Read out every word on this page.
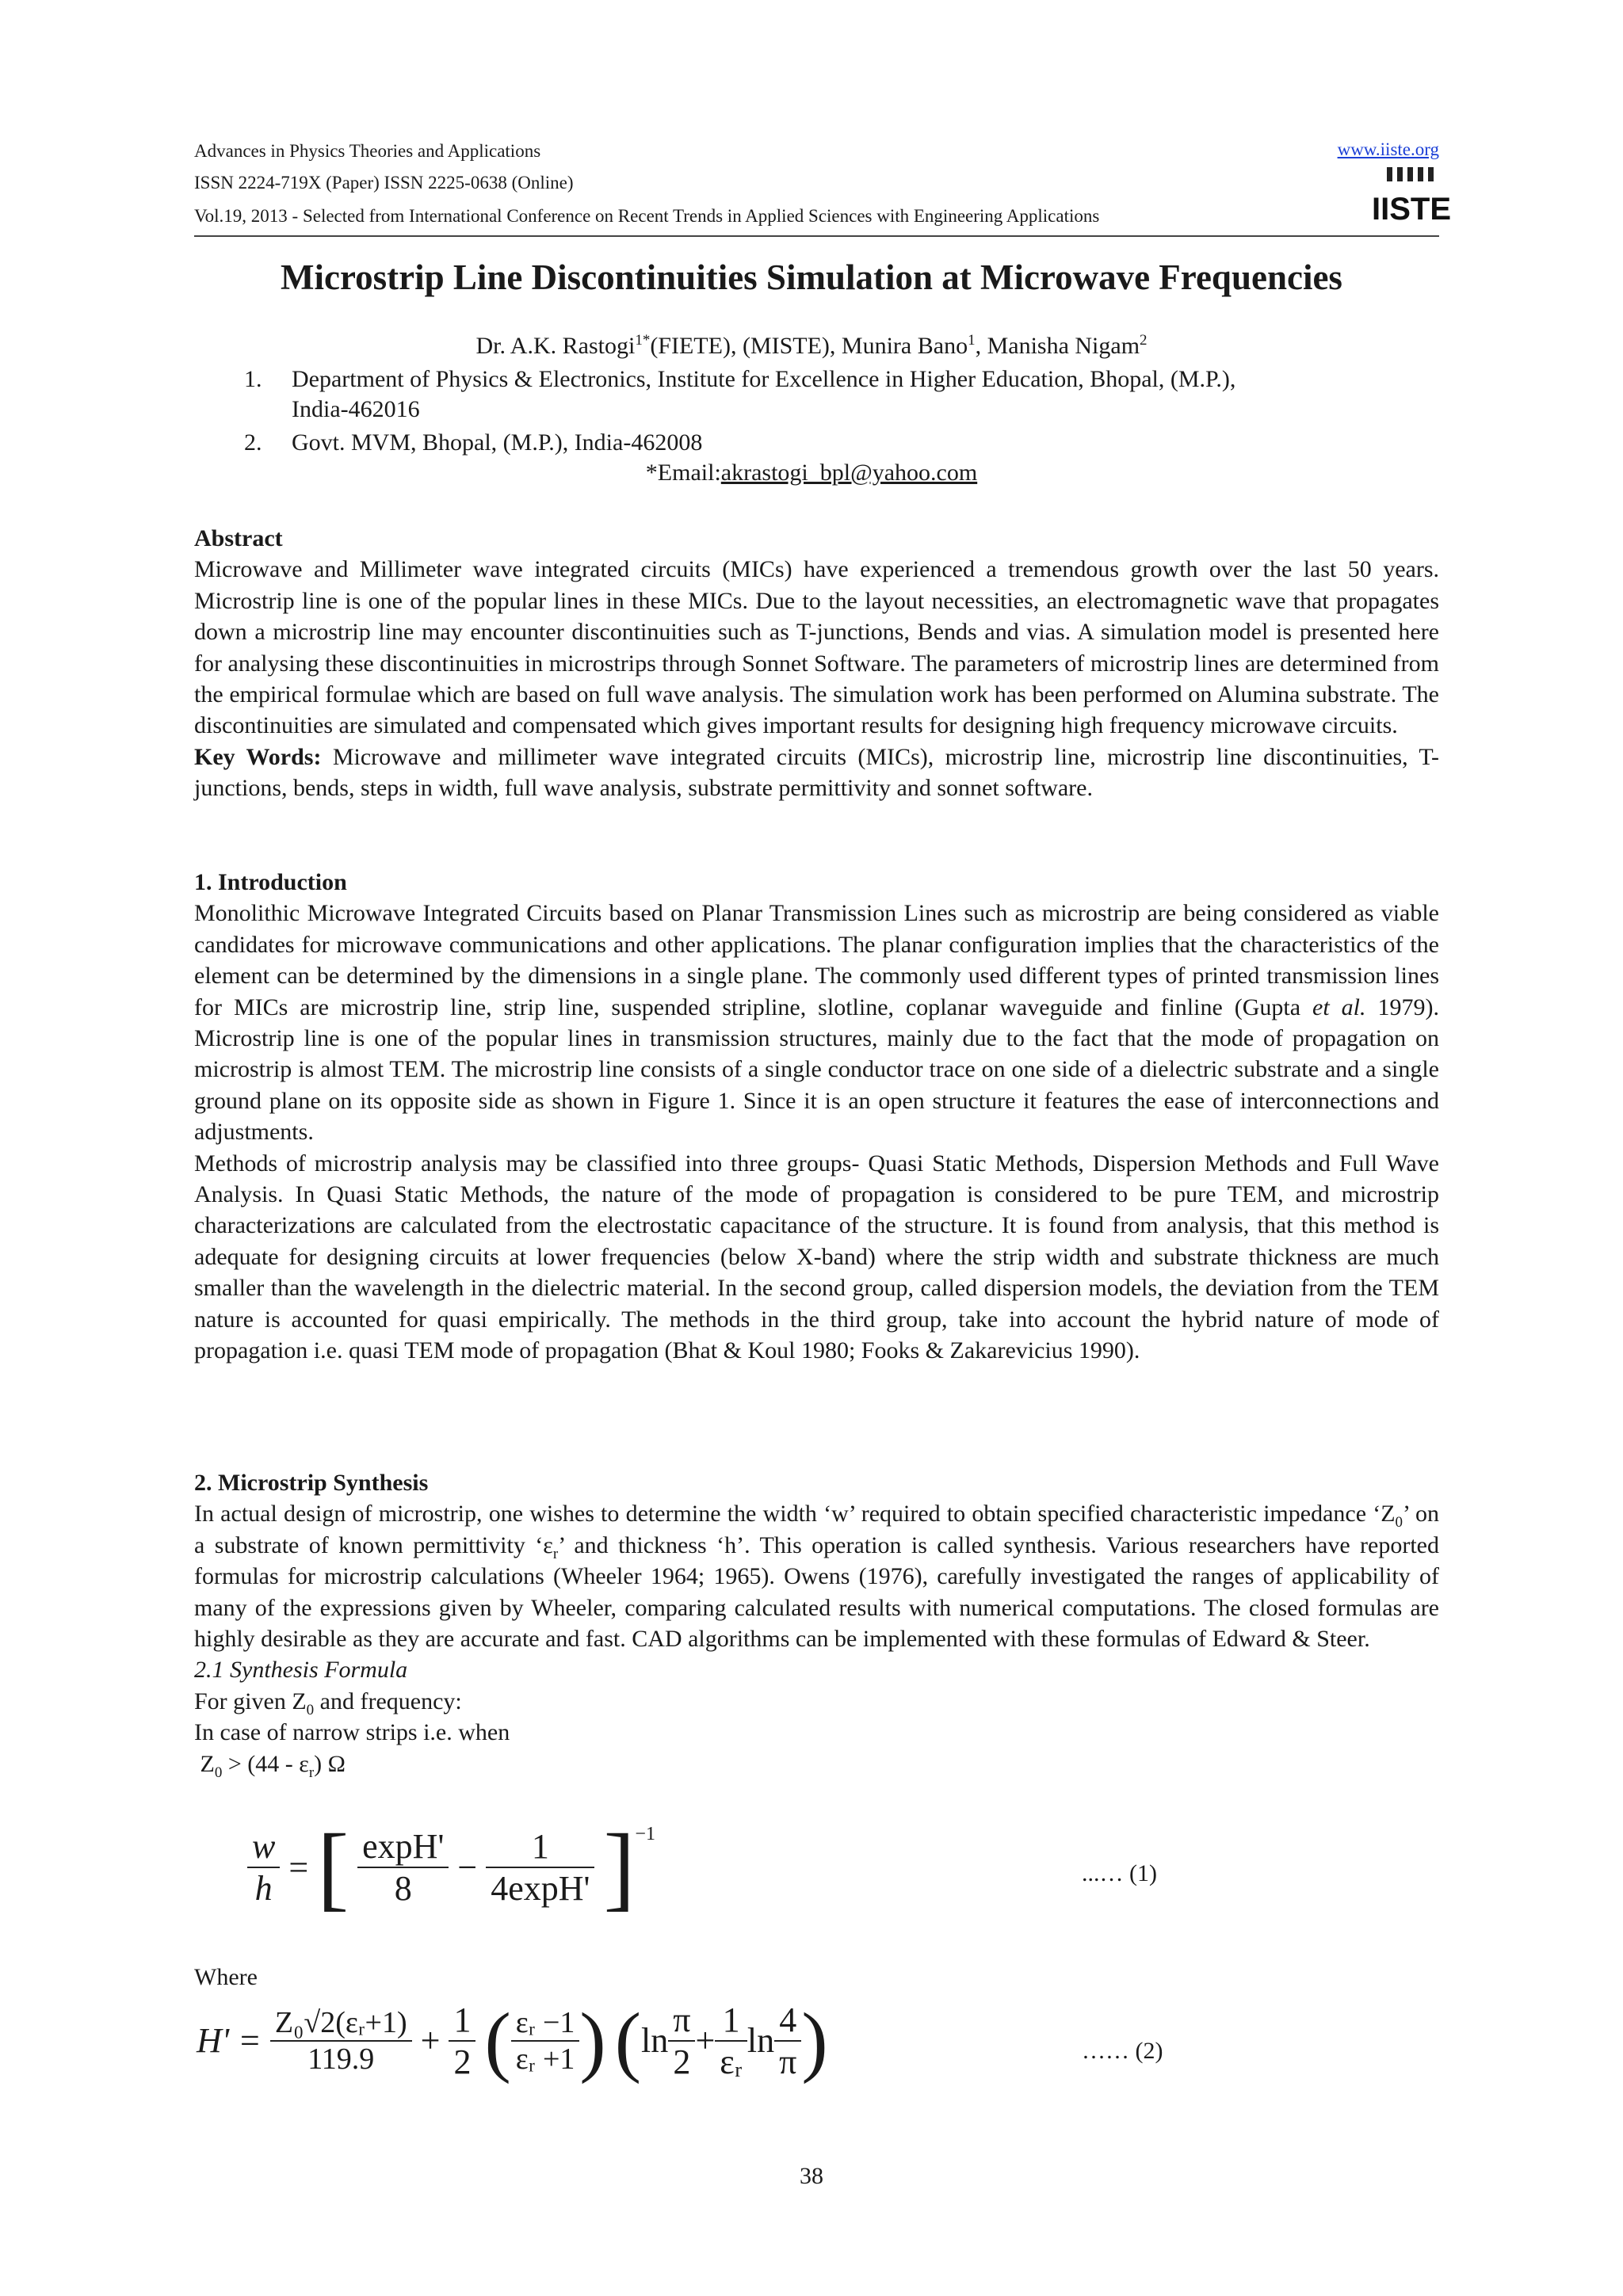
Advances in Physics Theories and Applications
ISSN 2224-719X (Paper) ISSN 2225-0638 (Online)
Vol.19, 2013 - Selected from International Conference on Recent Trends in Applied Sciences with Engineering Applications
www.iiste.org
IISTE
Microstrip Line Discontinuities Simulation at Microwave Frequencies
Dr. A.K. Rastogi$^{1*}$(FIETE), (MISTE), Munira Bano$^1$, Manisha Nigam$^2$
1. Department of Physics & Electronics, Institute for Excellence in Higher Education, Bhopal, (M.P.),
India-462016
2. Govt. MVM, Bhopal, (M.P.), India-462008
*Email:akrastogi_bpl@yahoo.com

Abstract

Microwave and Millimeter wave integrated circuits (MICs) have experienced a tremendous growth over the last 50 years. Microstrip line is one of the popular lines in these MICs. Due to the layout necessities, an electromagnetic wave that propagates down a microstrip line may encounter discontinuities such as T-junctions, Bends and vias. A simulation model is presented here for analysing these discontinuities in microstrips through Sonnet Software. The parameters of microstrip lines are determined from the empirical formulae which are based on full wave analysis. The simulation work has been performed on Alumina substrate. The discontinuities are simulated and compensated which gives important results for designing high frequency microwave circuits.

Key Words: Microwave and millimeter wave integrated circuits (MICs), microstrip line, microstrip line discontinuities, T-junctions, bends, steps in width, full wave analysis, substrate permittivity and sonnet software.

1. Introduction

Monolithic Microwave Integrated Circuits based on Planar Transmission Lines such as microstrip are being considered as viable candidates for microwave communications and other applications. The planar configuration implies that the characteristics of the element can be determined by the dimensions in a single plane. The commonly used different types of printed transmission lines for MICs are microstrip line, strip line, suspended stripline, slotline, coplanar waveguide and finline (Gupta et al. 1979). Microstrip line is one of the popular lines in transmission structures, mainly due to the fact that the mode of propagation on microstrip is almost TEM. The microstrip line consists of a single conductor trace on one side of a dielectric substrate and a single ground plane on its opposite side as shown in Figure 1. Since it is an open structure it features the ease of interconnections and adjustments.

Methods of microstrip analysis may be classified into three groups- Quasi Static Methods, Dispersion Methods and Full Wave Analysis. In Quasi Static Methods, the nature of the mode of propagation is considered to be pure TEM, and microstrip characterizations are calculated from the electrostatic capacitance of the structure. It is found from analysis, that this method is adequate for designing circuits at lower frequencies (below X-band) where the strip width and substrate thickness are much smaller than the wavelength in the dielectric material. In the second group, called dispersion models, the deviation from the TEM nature is accounted for quasi empirically. The methods in the third group, take into account the hybrid nature of mode of propagation i.e. quasi TEM mode of propagation (Bhat & Koul 1980; Fooks & Zakarevicius 1990).

2. Microstrip Synthesis

In actual design of microstrip, one wishes to determine the width ‘w’ required to obtain specified characteristic impedance ‘$Z_0$’ on a substrate of known permittivity ‘$\varepsilon_r$’ and thickness ‘h’. This operation is called synthesis. Various researchers have reported formulas for microstrip calculations (Wheeler 1964; 1965). Owens (1976), carefully investigated the ranges of applicability of many of the expressions given by Wheeler, comparing calculated results with numerical computations. The closed formulas are highly desirable as they are accurate and fast. CAD algorithms can be implemented with these formulas of Edward & Steer.

2.1 Synthesis Formula

For given $Z_0$ and frequency:

In case of narrow strips i.e. when

$Z_0 > (44 - \varepsilon_r)$ Ω

$\frac{w}{h}$ = [ $\frac{\exp H'}{8} - \frac{1}{4\exp H'} ]^{-1}$
...… (1)
Where
$H' = \frac{\text{Z₀√2(εᵣ+1)}}{119.9} + \frac{1}{2}$ ( $\frac{\text{εᵣ −1}}{\text{εᵣ +1}}$ ) ($\ln \frac{\pi}{2} + \frac{1}{\text{εᵣ}}$ $\ln \frac{4}{\pi}$ )	…… (2)
38
